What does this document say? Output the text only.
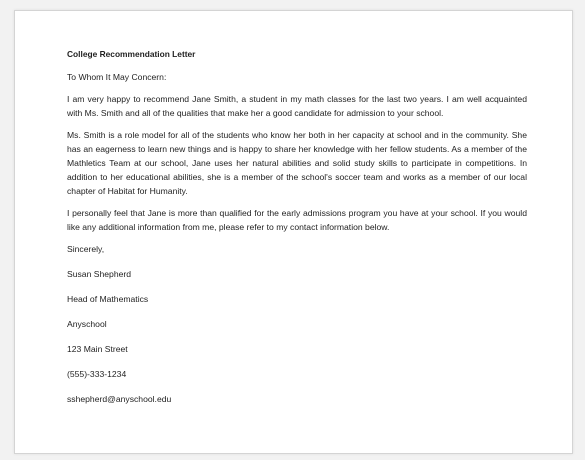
College Recommendation Letter
To Whom It May Concern:
I am very happy to recommend Jane Smith, a student in my math classes for the last two years. I am well acquainted with Ms. Smith and all of the qualities that make her a good candidate for admission to your school.
Ms. Smith is a role model for all of the students who know her both in her capacity at school and in the community. She has an eagerness to learn new things and is happy to share her knowledge with her fellow students. As a member of the Mathletics Team at our school, Jane uses her natural abilities and solid study skills to participate in competitions. In addition to her educational abilities, she is a member of the school's soccer team and works as a member of our local chapter of Habitat for Humanity.
I personally feel that Jane is more than qualified for the early admissions program you have at your school. If you would like any additional information from me, please refer to my contact information below.
Sincerely,
Susan Shepherd
Head of Mathematics
Anyschool
123 Main Street
(555)-333-1234
sshepherd@anyschool.edu
